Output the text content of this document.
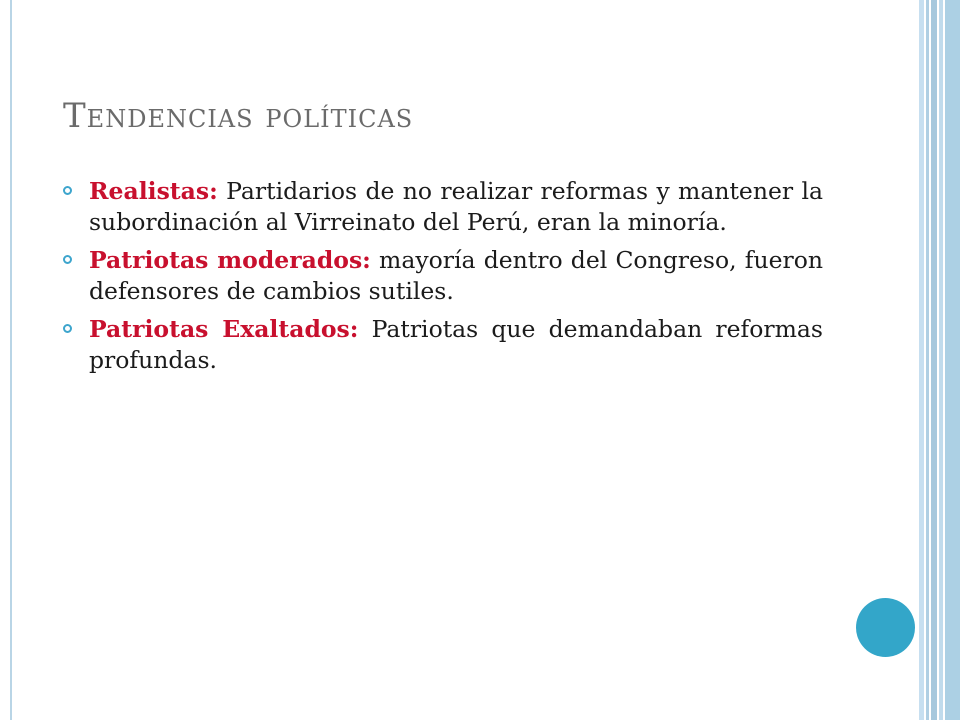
Tendencias políticas
Realistas: Partidarios de no realizar reformas y mantener la subordinación al Virreinato del Perú, eran la minoría.
Patriotas moderados: mayoría dentro del Congreso, fueron defensores de cambios sutiles.
Patriotas Exaltados: Patriotas que demandaban reformas profundas.
